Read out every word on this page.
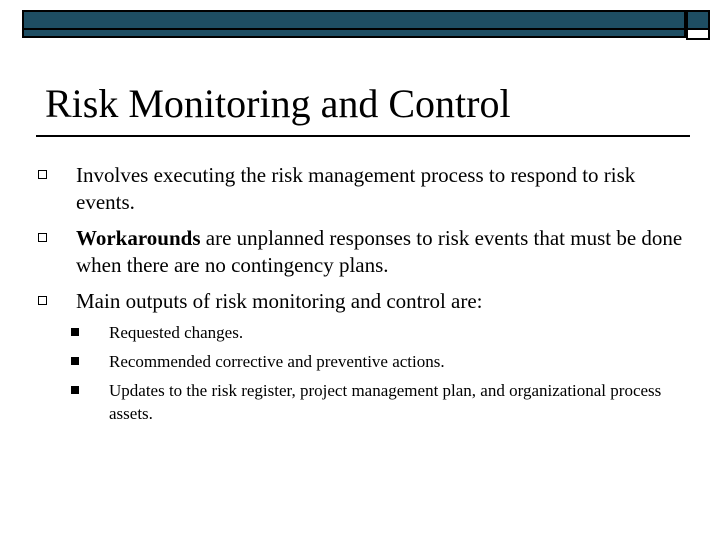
Risk Monitoring and Control
Involves executing the risk management process to respond to risk events.
Workarounds are unplanned responses to risk events that must be done when there are no contingency plans.
Main outputs of risk monitoring and control are:
Requested changes.
Recommended corrective and preventive actions.
Updates to the risk register, project management plan, and organizational process assets.
